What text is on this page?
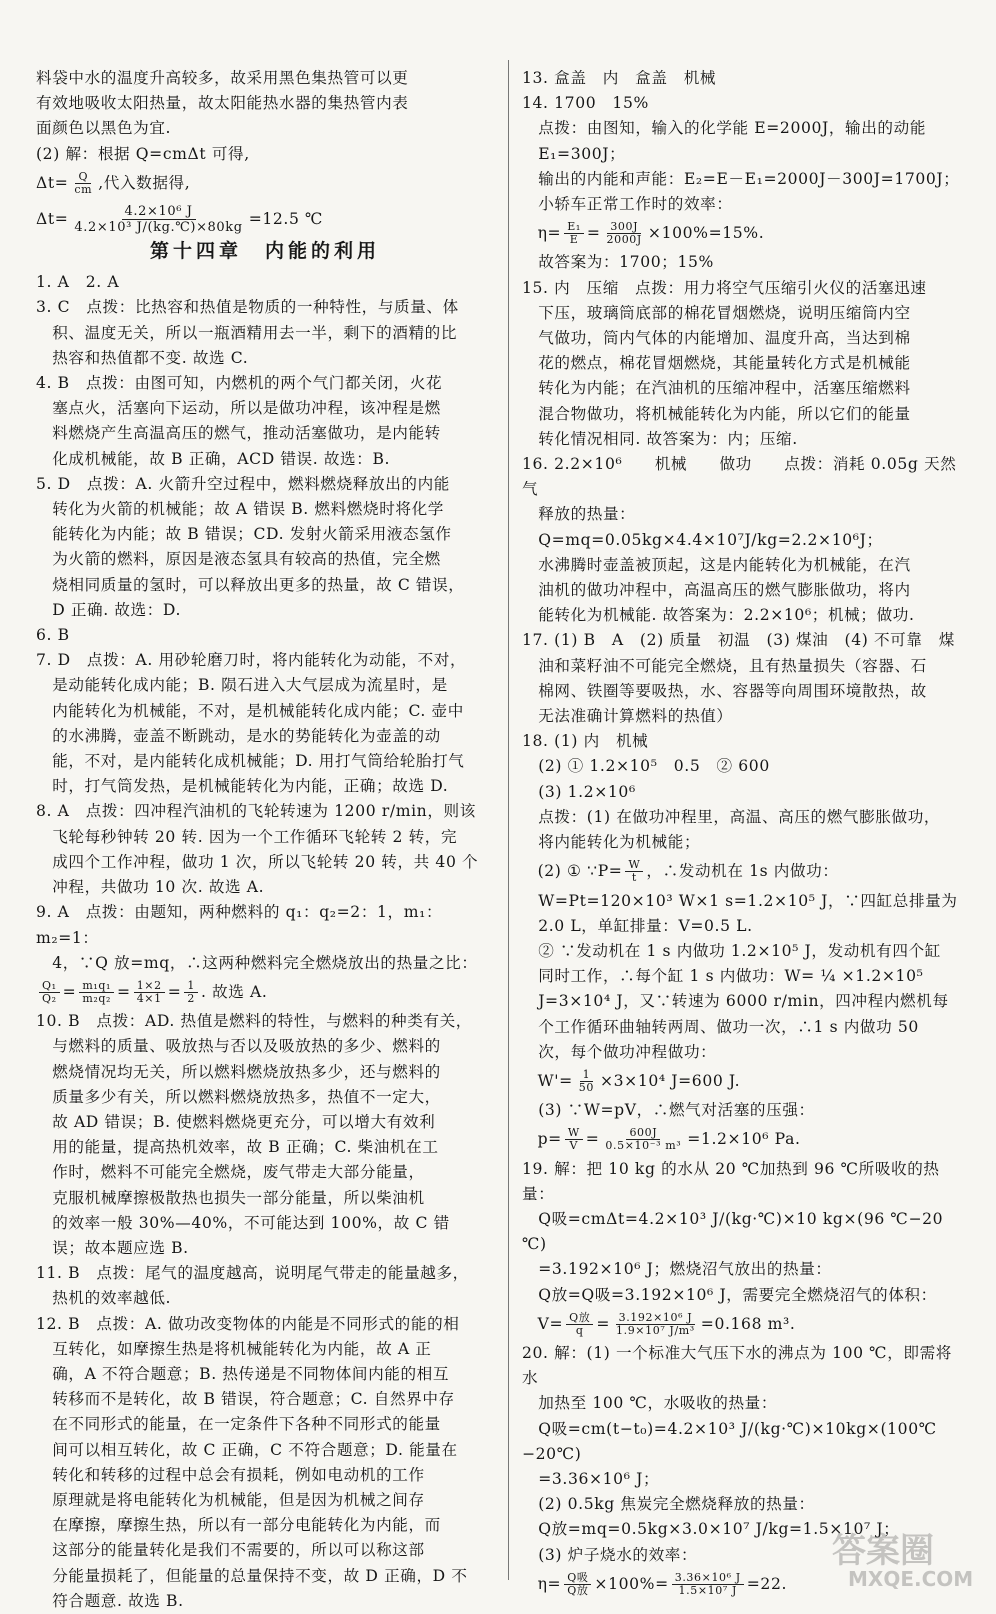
料袋中水的温度升高较多，故采用黑色集热管可以更
有效地吸收太阳热量，故太阳能热水器的集热管内表
面颜色以黑色为宜.
(2) 解：根据 Q=cmΔt 可得,
$\Delta t= \frac{Q}{cm}$ ,代入数据得,
$\Delta t= \frac{\text{4.2×10⁶ J}}{\text{4.2×10³ J/(kg.℃)×80kg}} =12.5$ ℃
第十四章　内能的利用
1. A　2. A
3. C　点拨：比热容和热值是物质的一种特性，与质量、体
　积、温度无关，所以一瓶酒精用去一半，剩下的酒精的比
　热容和热值都不变. 故选 C.
4. B　点拨：由图可知，内燃机的两个气门都关闭，火花
　塞点火，活塞向下运动，所以是做功冲程，该冲程是燃
　料燃烧产生高温高压的燃气，推动活塞做功，是内能转
　化成机械能，故 B 正确，ACD 错误. 故选：B.
5. D　点拨：A. 火箭升空过程中，燃料燃烧释放出的内能
　转化为火箭的机械能；故 A 错误 B. 燃料燃烧时将化学
　能转化为内能；故 B 错误；CD. 发射火箭采用液态氢作
　为火箭的燃料，原因是液态氢具有较高的热值，完全燃
　烧相同质量的氢时，可以释放出更多的热量，故 C 错误，
　D 正确. 故选：D.
6. B
7. D　点拨：A. 用砂轮磨刀时，将内能转化为动能，不对，
　是动能转化成内能；B. 陨石进入大气层成为流星时，是
　内能转化为机械能，不对，是机械能转化成内能；C. 壶中
　的水沸腾，壶盖不断跳动，是水的势能转化为壶盖的动
　能，不对，是内能转化成机械能；D. 用打气筒给轮胎打气
　时，打气筒发热，是机械能转化为内能，正确；故选 D.
8. A　点拨：四冲程汽油机的飞轮转速为 1200 r/min，则该
　飞轮每秒钟转 20 转. 因为一个工作循环飞轮转 2 转，完
　成四个工作冲程，做功 1 次，所以飞轮转 20 转，共 40 个
　冲程，共做功 10 次. 故选 A.
9. A　点拨：由题知，两种燃料的 q₁：q₂=2：1，m₁：m₂=1：
　4，∵Q 放=mq，∴这两种燃料完全燃烧放出的热量之比：
$\frac{\text{Q₁}}{\text{Q₂}} = \frac{\text{m₁q₁}}{\text{m₂q₂}} = \frac{1\times 2}{4\times 1} = \frac{1}{2}$ . 故选 A.
10. B　点拨：AD. 热值是燃料的特性，与燃料的种类有关，
　与燃料的质量、吸放热与否以及吸放热的多少、燃料的
　燃烧情况均无关，所以燃料燃烧放热多少，还与燃料的
　质量多少有关，所以燃料燃烧放热多，热值不一定大，
　故 AD 错误；B. 使燃料燃烧更充分，可以增大有效利
　用的能量，提高热机效率，故 B 正确；C. 柴油机在工
　作时，燃料不可能完全燃烧，废气带走大部分能量，
　克服机械摩擦极散热也损失一部分能量，所以柴油机
　的效率一般 30%—40%，不可能达到 100%，故 C 错
　误；故本题应选 B.
11. B　点拨：尾气的温度越高，说明尾气带走的能量越多，
　热机的效率越低.
12. B　点拨：A. 做功改变物体的内能是不同形式的能的相
　互转化，如摩擦生热是将机械能转化为内能，故 A 正
　确，A 不符合题意；B. 热传递是不同物体间内能的相互
　转移而不是转化，故 B 错误，符合题意；C. 自然界中存
　在不同形式的能量，在一定条件下各种不同形式的能量
　间可以相互转化，故 C 正确，C 不符合题意；D. 能量在
　转化和转移的过程中总会有损耗，例如电动机的工作
　原理就是将电能转化为机械能，但是因为机械之间存
　在摩擦，摩擦生热，所以有一部分电能转化为内能，而
　这部分的能量转化是我们不需要的，所以可以称这部
　分能量损耗了，但能量的总量保持不变，故 D 正确，D 不
　符合题意. 故选 B.
13. 盒盖　内　盒盖　机械
14. 1700　15%
　点拨：由图知，输入的化学能 E=2000J，输出的动能
　E₁=300J；
　输出的内能和声能：E₂=E－E₁=2000J－300J=1700J；
　小轿车正常工作时的效率：
$\eta= \frac{\text{E₁}}{E} = \frac{300J}{2000J} \times 100\%=15\%$.
　故答案为：1700；15%
15. 内　压缩　点拨：用力将空气压缩引火仪的活塞迅速
　下压，玻璃筒底部的棉花冒烟燃烧，说明压缩筒内空
　气做功，筒内气体的内能增加、温度升高，当达到棉
　花的燃点，棉花冒烟燃烧，其能量转化方式是机械能
　转化为内能；在汽油机的压缩冲程中，活塞压缩燃料
　混合物做功，将机械能转化为内能，所以它们的能量
　转化情况相同. 故答案为：内；压缩.
16. 2.2×10⁶　　机械　　做功　　点拨：消耗 0.05g 天然气
　释放的热量：
　Q=mq=0.05kg×4.4×10⁷J/kg=2.2×10⁶J；
　水沸腾时壶盖被顶起，这是内能转化为机械能，在汽
　油机的做功冲程中，高温高压的燃气膨胀做功，将内
　能转化为机械能. 故答案为：2.2×10⁶；机械；做功.
17. (1) B　A　(2) 质量　初温　(3) 煤油　(4) 不可靠　煤
　油和菜籽油不可能完全燃烧，且有热量损失（容器、石
　棉网、铁圈等要吸热，水、容器等向周围环境散热，故
　无法准确计算燃料的热值）
18. (1) 内　机械
　(2) ① 1.2×10⁵　0.5　② 600
　(3) 1.2×10⁶
　点拨：(1) 在做功冲程里，高温、高压的燃气膨胀做功，
　将内能转化为机械能；
(2) ① ∵P= $\frac{W}{t}$ ，∴发动机在 1s 内做功：
　W=Pt=120×10³ W×1 s=1.2×10⁵ J，∵四缸总排量为
　2.0 L，单缸排量：V=0.5 L.
　② ∵发动机在 1 s 内做功 1.2×10⁵ J，发动机有四个缸
　同时工作，∴每个缸 1 s 内做功：W= ¼ ×1.2×10⁵
　J=3×10⁴ J，又∵转速为 6000 r/min，四冲程内燃机每
　个工作循环曲轴转两周、做功一次，∴1 s 内做功 50
　次，每个做功冲程做功：
$W'= \frac{1}{50} \times 3\times 10^4$ J=600 J.
　(3) ∵W=pV，∴燃气对活塞的压强：
$p= \frac{W}{V} = \frac{600J}{\text{0.5×10⁻³ m³}} =1.2\times 10^6$ Pa.
19. 解：把 10 kg 的水从 20 ℃加热到 96 ℃所吸收的热量：
　Q吸=cmΔt=4.2×10³ J/(kg·℃)×10 kg×(96 ℃−20 ℃)
　=3.192×10⁶ J；燃烧沼气放出的热量：
　Q放=Q吸=3.192×10⁶ J，需要完全燃烧沼气的体积：
$V= \frac{\text{Q放}}{q} = \frac{\text{3.192×10⁶ J}}{\text{1.9×10⁷ J/m³}} =0.168$ m³.
20. 解：(1) 一个标准大气压下水的沸点为 100 ℃，即需将水
　加热至 100 ℃，水吸收的热量：
　Q吸=cm(t−t₀)=4.2×10³ J/(kg·℃)×10kg×(100℃−20℃)
　=3.36×10⁶ J；
　(2) 0.5kg 焦炭完全燃烧释放的热量：
　Q放=mq=0.5kg×3.0×10⁷ J/kg=1.5×10⁷ J；
　(3) 炉子烧水的效率：
$\eta= \frac{\text{Q吸}}{\text{Q放}} \times 100\%= \frac{\text{3.36×10⁶ J}}{\text{1.5×10⁷ J}} =22$.
答案圈
MXQE.COM
